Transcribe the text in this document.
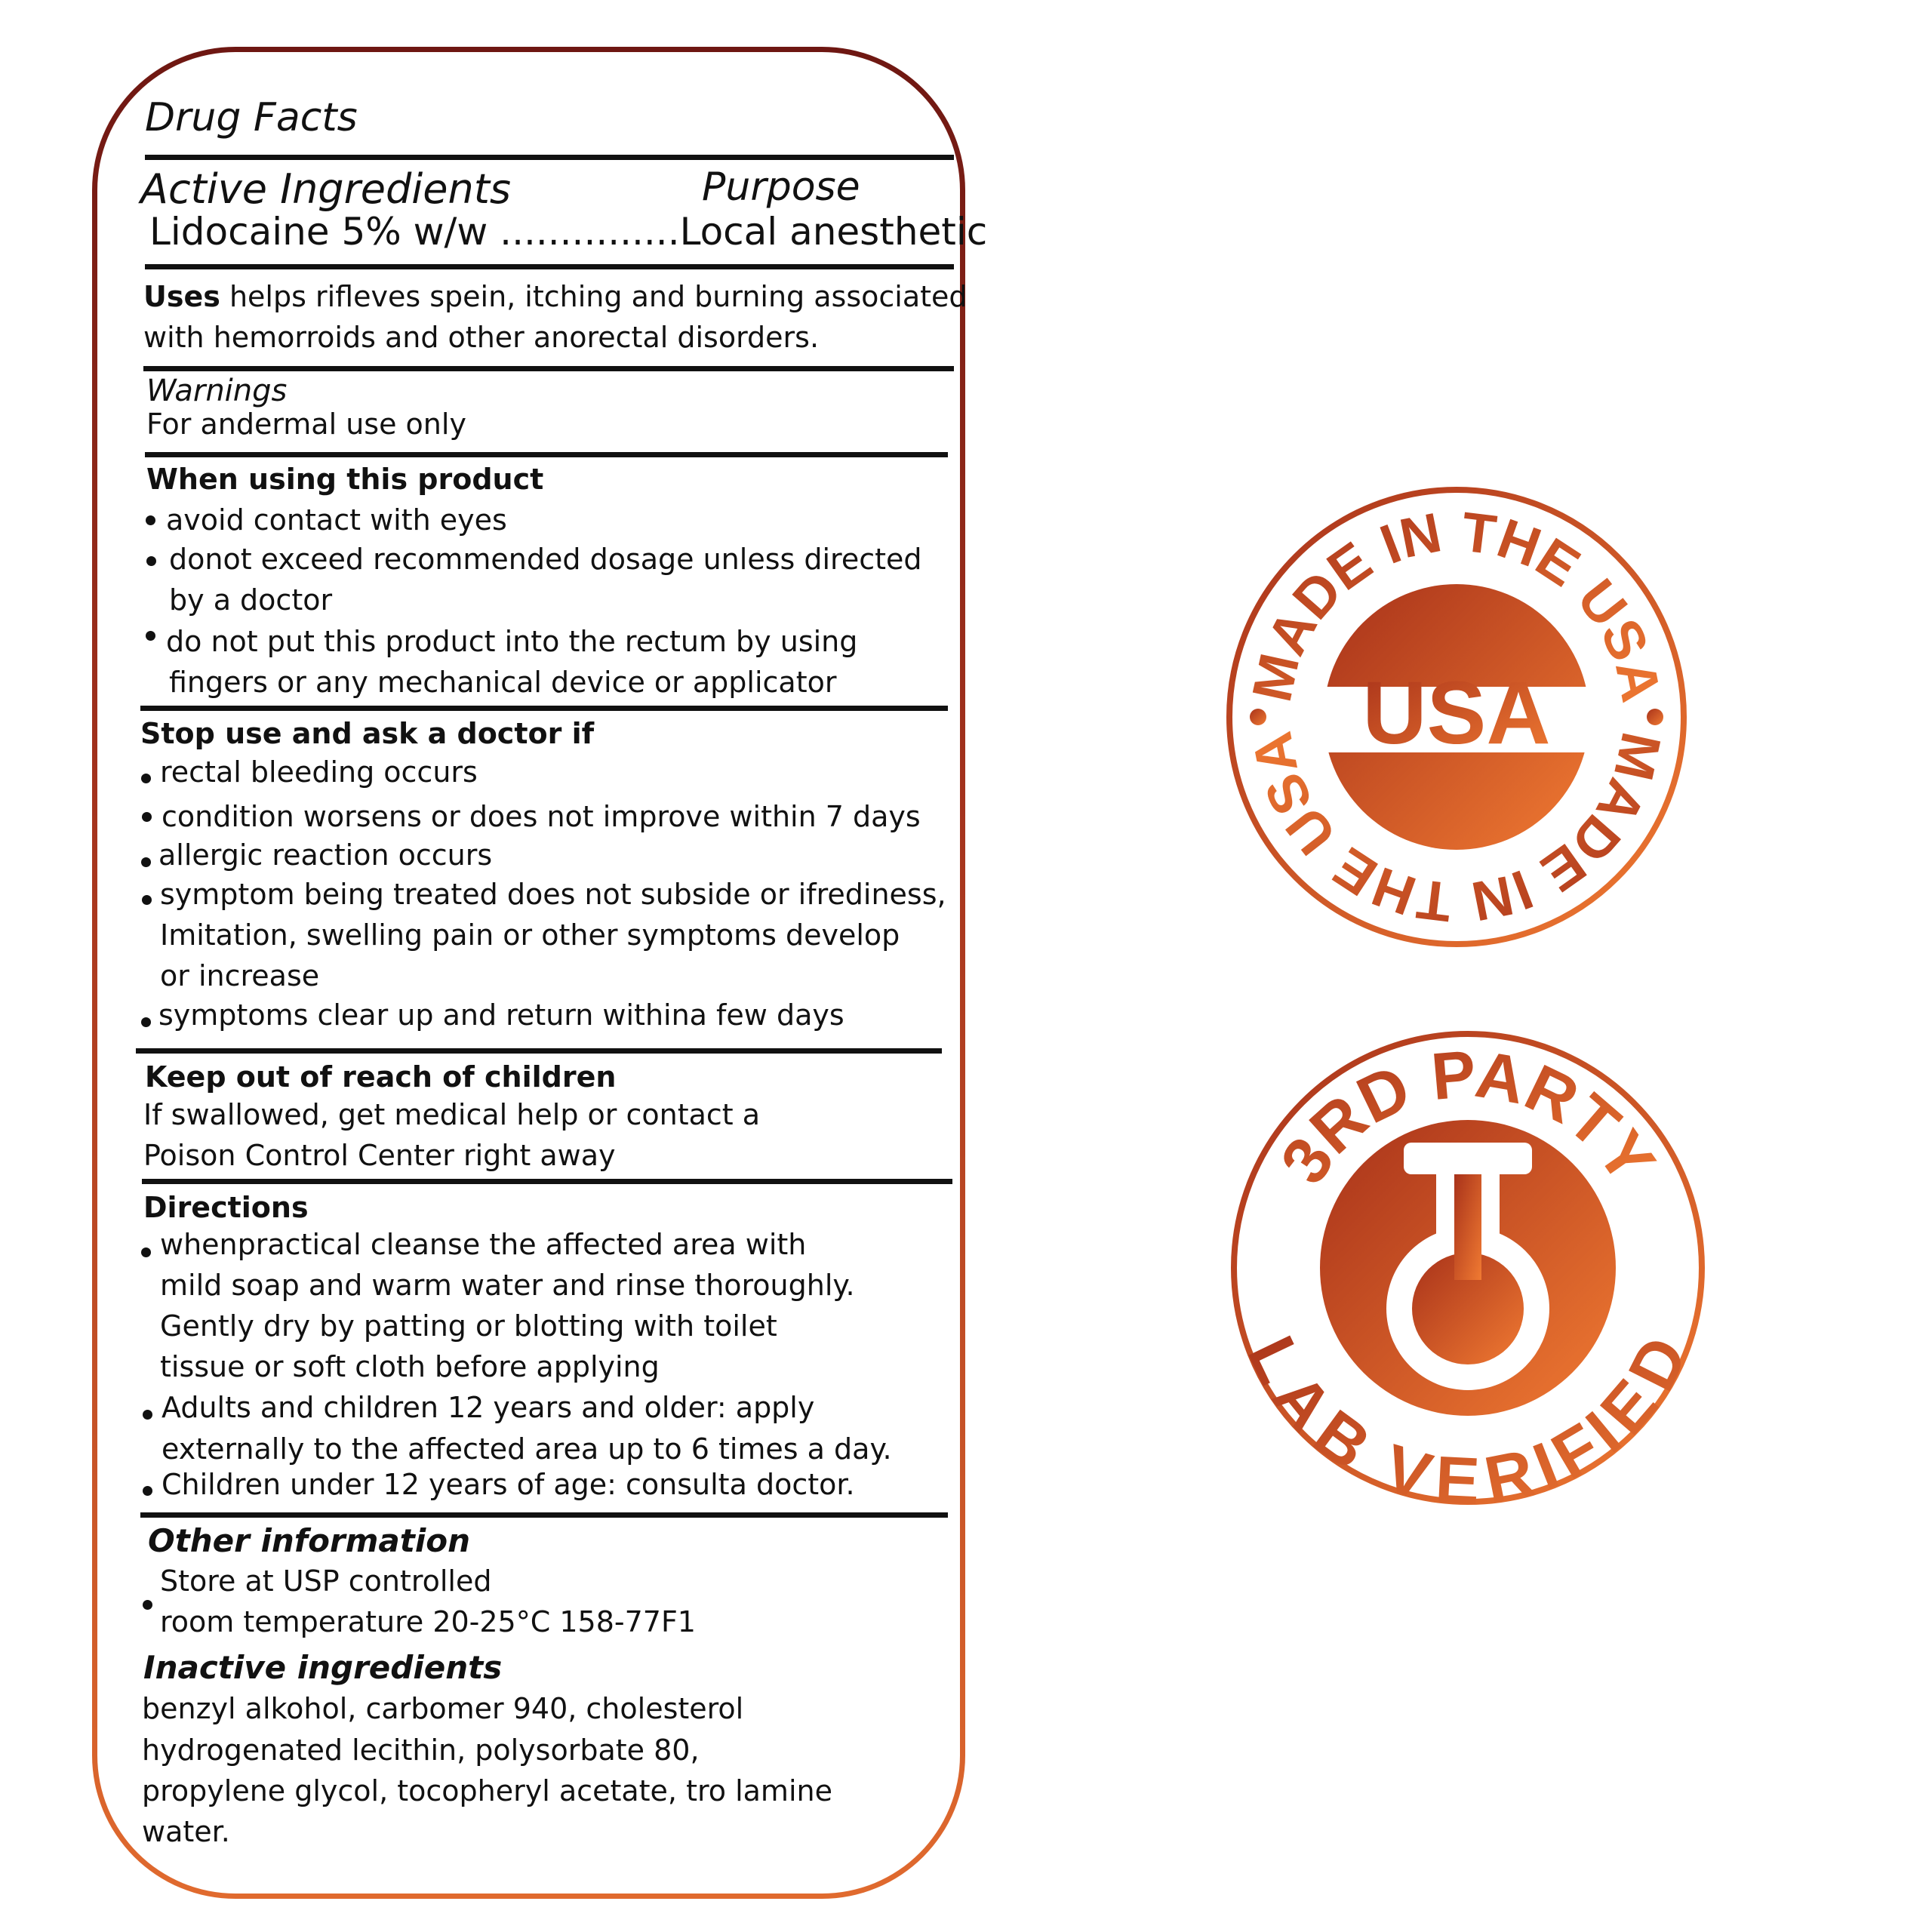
Drug Facts
Active Ingredients	Purpose
Lidocaine 5% w/w ...............Local anesthetic
Uses helps rifleves spein, itching and burning associated
with hemorroids and other anorectal disorders.
Warnings
For andermal use only
When using this product
avoid contact with eyes
donot exceed recommended dosage unless directed
by a doctor
do not put this product into the rectum by using
fingers or any mechanical device or applicator
Stop use and ask a doctor if
rectal bleeding occurs
condition worsens or does not improve within 7 days
allergic reaction occurs
symptom being treated does not subside or ifrediness,
Imitation, swelling pain or other symptoms develop
or increase
symptoms clear up and return withina few days
Keep out of reach of children
If swallowed, get medical help or contact a
Poison Control Center right away
Directions
whenpractical cleanse the affected area with
mild soap and warm water and rinse thoroughly.
Gently dry by patting or blotting with toilet
tissue or soft cloth before applying
Adults and children 12 years and older: apply
externally to the affected area up to 6 times a day.
Children under 12 years of age: consulta doctor.
Other information
Store at USP controlled
room temperature 20-25°C 158-77F1
Inactive ingredients
benzyl alkohol, carbomer 940, cholesterol
hydrogenated lecithin, polysorbate 80,
propylene glycol, tocopheryl acetate, tro lamine
water.
USA
MADE IN THE USA
MADE IN THE USA
3RD PARTY
LAB VERIFIED
